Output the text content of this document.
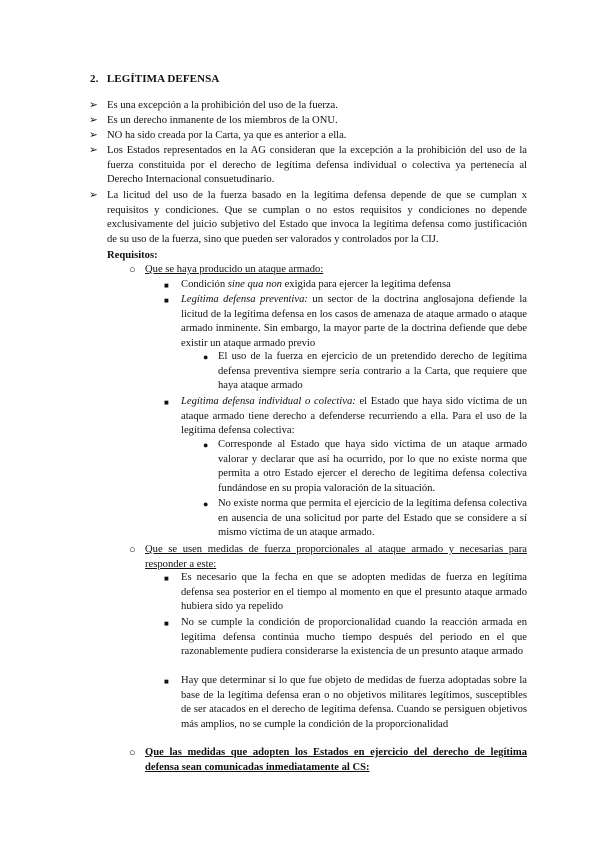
2. LEGÍTIMA DEFENSA
➢ Es una excepción a la prohibición del uso de la fuerza.

➢ Es un derecho inmanente de los miembros de la ONU.

➢ NO ha sido creada por la Carta, ya que es anterior a ella.

➢ Los Estados representados en la AG consideran que la excepción a la prohibición del uso de la fuerza constituida por el derecho de legítima defensa individual o colectiva ya pertenecía al Derecho Internacional consuetudinario.

➢ La licitud del uso de la fuerza basado en la legítima defensa depende de que se cumplan x requisitos y condiciones. Que se cumplan o no estos requisitos y condiciones no depende exclusivamente del juicio subjetivo del Estado que invoca la legítima defensa como justificación de su uso de la fuerza, sino que pueden ser valorados y controlados por la CIJ.

Requisitos:

○ Que se haya producido un ataque armado:

■ Condición sine qua non exigida para ejercer la legítima defensa

■ Legítima defensa preventiva: un sector de la doctrina anglosajona defiende la licitud de la legítima defensa en los casos de amenaza de ataque armado o ataque armado inminente. Sin embargo, la mayor parte de la doctrina defiende que debe existir un ataque armado previo

● El uso de la fuerza en ejercicio de un pretendido derecho de legítima defensa preventiva siempre sería contrario a la Carta, que requiere que haya ataque armado

■ Legítima defensa individual o colectiva: el Estado que haya sido víctima de un ataque armado tiene derecho a defenderse recurriendo a ella. Para el uso de la legítima defensa colectiva:

● Corresponde al Estado que haya sido víctima de un ataque armado valorar y declarar que así ha ocurrido, por lo que no existe norma que permita a otro Estado ejercer el derecho de legítima defensa colectiva fundándose en su propia valoración de la situación.

● No existe norma que permita el ejercicio de la legítima defensa colectiva en ausencia de una solicitud por parte del Estado que se considere a sí mismo víctima de un ataque armado.

○ Que se usen medidas de fuerza proporcionales al ataque armado y necesarias para responder a este:

■ Es necesario que la fecha en que se adopten medidas de fuerza en legítima defensa sea posterior en el tiempo al momento en que el presunto ataque armado hubiera sido ya repelido

■ No se cumple la condición de proporcionalidad cuando la reacción armada en legítima defensa continúa mucho tiempo después del periodo en el que razonablemente pudiera considerarse la existencia de un presunto ataque armado

■ Hay que determinar si lo que fue objeto de medidas de fuerza adoptadas sobre la base de la legítima defensa eran o no objetivos militares legítimos, susceptibles de ser atacados en el derecho de legítima defensa. Cuando se persiguen objetivos más amplios, no se cumple la condición de la proporcionalidad

○ Que las medidas que adopten los Estados en ejercicio del derecho de legítima defensa sean comunicadas inmediatamente al CS:
